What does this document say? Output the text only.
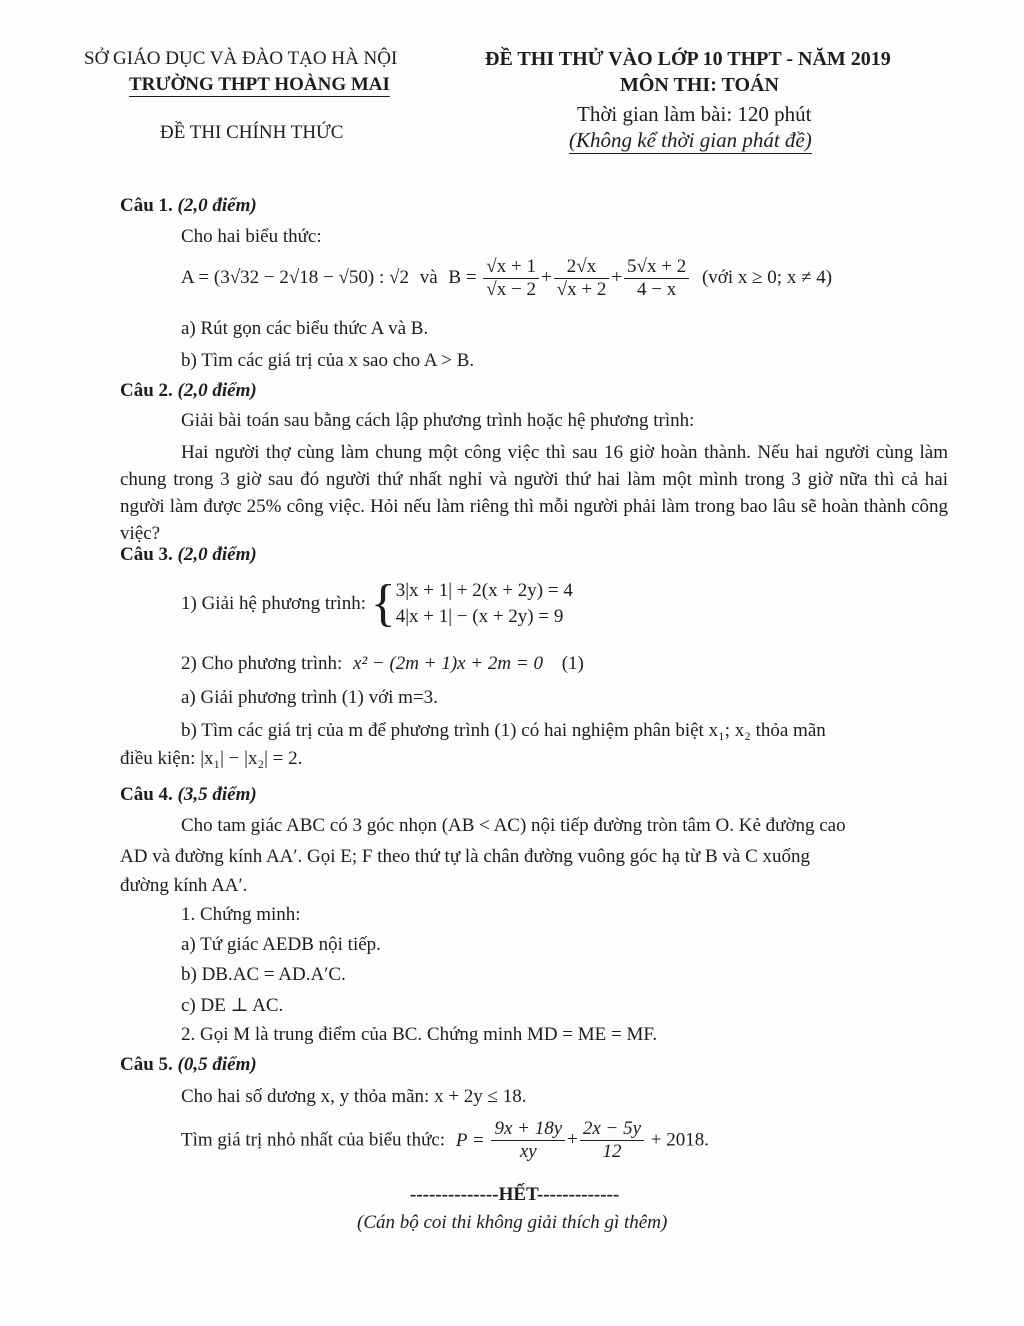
SỞ GIÁO DỤC VÀ ĐÀO TẠO HÀ NỘI
TRƯỜNG THPT HOÀNG MAI
ĐỀ THI CHÍNH THỨC
ĐỀ THI THỬ VÀO LỚP 10 THPT - NĂM 2019
MÔN THI: TOÁN
Thời gian làm bài: 120 phút
(Không kể thời gian phát đề)
Câu 1. (2,0 điểm)
Cho hai biểu thức:
A = (3√32 − 2√18 − √50) : √2 và $B = \frac{√x + 1}{√x - 2} + \frac{2√x}{√x + 2} + \frac{5√x + 2}{4 - x}$ (với x ≥ 0; x ≠ 4)
a) Rút gọn các biểu thức A và B.
b) Tìm các giá trị của x sao cho A > B.
Câu 2. (2,0 điểm)
Giải bài toán sau bằng cách lập phương trình hoặc hệ phương trình:

Hai người thợ cùng làm chung một công việc thì sau 16 giờ hoàn thành. Nếu hai người cùng làm chung trong 3 giờ sau đó người thứ nhất nghỉ và người thứ hai làm một mình trong 3 giờ nữa thì cả hai người làm được 25% công việc. Hỏi nếu làm riêng thì mỗi người phải làm trong bao lâu sẽ hoàn thành công việc?

Câu 3. (2,0 điểm)
1) Giải hệ phương trình: { 3|x + 1| + 2(x + 2y) = 4
4|x + 1| − (x + 2y) = 9
2) Cho phương trình: x² − (2m + 1)x + 2m = 0 (1)
a) Giải phương trình (1) với m=3.
b) Tìm các giá trị của m để phương trình (1) có hai nghiệm phân biệt x₁; x₂ thỏa mãn
điều kiện: |x₁| − |x₂| = 2.
Câu 4. (3,5 điểm)
Cho tam giác ABC có 3 góc nhọn (AB < AC) nội tiếp đường tròn tâm O. Kẻ đường cao
AD và đường kính AA′. Gọi E; F theo thứ tự là chân đường vuông góc hạ từ B và C xuống
đường kính AA′.
1. Chứng minh:
a) Tứ giác AEDB nội tiếp.
b) DB.AC = AD.A′C.
c) DE ⊥ AC.
2. Gọi M là trung điểm của BC. Chứng minh MD = ME = MF.
Câu 5. (0,5 điểm)
Cho hai số dương x, y thỏa mãn: x + 2y ≤ 18.
Tìm giá trị nhỏ nhất của biểu thức: $P = \frac{9x + 18y}{xy} + \frac{2x - 5y}{12} + 2018$.
--------------HẾT-------------
(Cán bộ coi thi không giải thích gì thêm)
